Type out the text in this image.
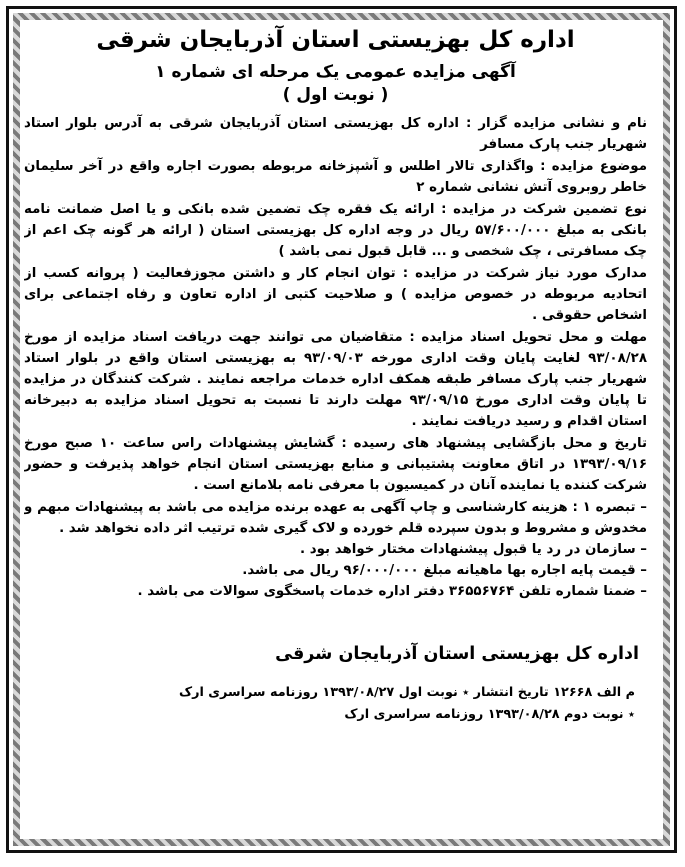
اداره کل بهزیستی استان آذربایجان شرقی
آگهی مزایده عمومی یک مرحله ای شماره ۱
( نوبت اول )

نام و نشانی مزایده گزار : اداره کل بهزیستی استان آذربایجان شرقی به آدرس بلوار استاد شهریار جنب پارک مسافر

موضوع مزایده : واگذاری تالار اطلس و آشپزخانه مربوطه بصورت اجاره واقع در آخر سلیمان خاطر روبروی آتش نشانی شماره ۲

نوع تضمین شرکت در مزایده : ارائه یک فقره چک تضمین شده بانکی و یا اصل ضمانت نامه بانکی به مبلغ ۵۷/۶۰۰/۰۰۰ ریال در وجه اداره کل بهزیستی استان ( ارائه هر گونه چک اعم از چک مسافرتی ، چک شخصی و ... قابل قبول نمی باشد )

مدارک مورد نیاز شرکت در مزایده : توان انجام کار و داشتن مجوزفعالیت ( پروانه کسب از اتحادیه مربوطه در خصوص مزایده ) و صلاحیت کتبی از اداره تعاون و رفاه اجتماعی برای اشخاص حقوقی .

مهلت و محل تحویل اسناد مزایده : متقاضیان می توانند جهت دریافت اسناد مزایده از مورخ ۹۳/۰۸/۲۸ لغایت پایان وقت اداری مورخه ۹۳/۰۹/۰۳ به بهزیستی استان واقع در بلوار استاد شهریار جنب پارک مسافر طبقه همکف اداره خدمات مراجعه نمایند . شرکت کنندگان در مزایده تا پایان وقت اداری مورخ ۹۳/۰۹/۱۵ مهلت دارند تا نسبت به تحویل اسناد مزایده به دبیرخانه استان اقدام و رسید دریافت نمایند .

تاریخ و محل بازگشایی پیشنهاد های رسیده : گشایش پیشنهادات راس ساعت ۱۰ صبح مورخ ۱۳۹۳/۰۹/۱۶ در اتاق معاونت پشتیبانی و منابع بهزیستی استان انجام خواهد پذیرفت و حضور شرکت کننده یا نماینده آنان در کمیسیون با معرفی نامه بلامانع است .

– تبصره ۱ : هزینه کارشناسی و چاپ آگهی به عهده برنده مزایده می باشد به پیشنهادات مبهم و مخدوش و مشروط و بدون سپرده قلم خورده و لاک گیری شده ترتیب اثر داده نخواهد شد .

– سازمان در رد یا قبول پیشنهادات مختار خواهد بود .

– قیمت پایه اجاره بها ماهیانه مبلغ ۹۶/۰۰۰/۰۰۰ ریال می باشد.

– ضمنا شماره تلفن ۳۶۵۵۶۷۶۴ دفتر اداره خدمات پاسخگوی سوالات می باشد .

اداره کل بهزیستی استان آذربایجان شرقی
م الف ۱۲۶۶۸ تاریخ انتشار ٭ نوبت اول ۱۳۹۳/۰۸/۲۷ روزنامه سراسری ارک
٭ نوبت دوم ۱۳۹۳/۰۸/۲۸ روزنامه سراسری ارک
